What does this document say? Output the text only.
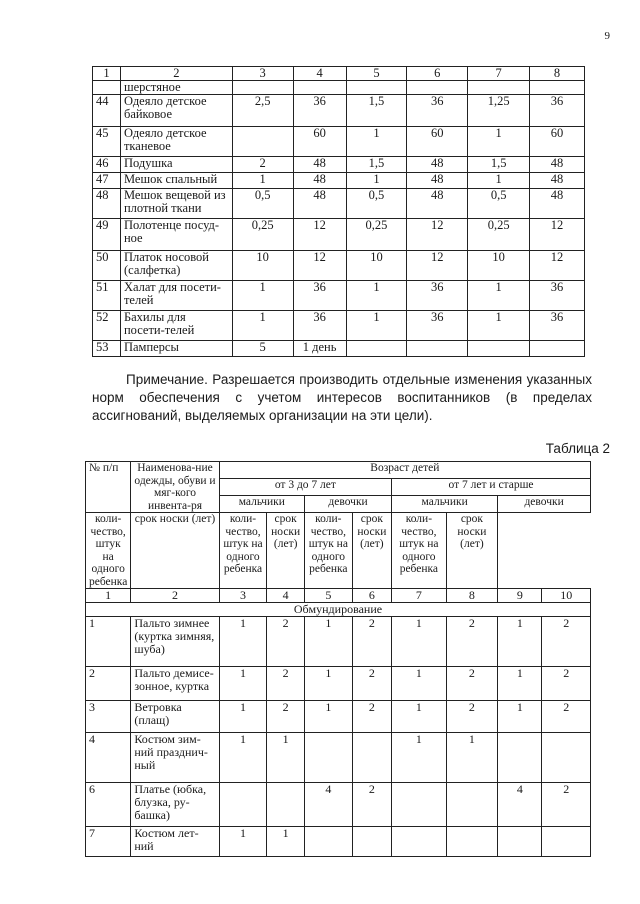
9
1	2	3	4	5	6	7	8
	шерстяное						
44	Одеяло детское байковое	2,5	36	1,5	36	1,25	36
45	Одеяло детское тканевое		60	1	60	1	60
46	Подушка	2	48	1,5	48	1,5	48
47	Мешок спальный	1	48	1	48	1	48
48	Мешок вещевой из плотной ткани	0,5	48	0,5	48	0,5	48
49	Полотенце посуд-ное	0,25	12	0,25	12	0,25	12
50	Платок носовой (салфетка)	10	12	10	12	10	12
51	Халат для посети-телей	1	36	1	36	1	36
52	Бахилы для посети-телей	1	36	1	36	1	36
53	Памперсы	5	1 день				
Примечание. Разрешается производить отдельные изменения указанных норм обеспечения с учетом интересов воспитанников (в пределах ассигнований, выделяемых организации на эти цели).
Таблица 2
№ п/п	Наименова-ние одежды, обуви и мяг-кого инвента-ря	Возраст детей							
		от 3 до 7 лет				от 7 лет и старше			
		мальчики		девочки		мальчики		девочки	
коли-чество, штук на одного ребенка	срок носки (лет)	коли-чество, штук на одного ребенка	срок носки (лет)	коли-чество, штук на одного ребенка	срок носки (лет)	коли-чество, штук на одного ребенка	срок носки (лет)		
1	2	3	4	5	6	7	8	9	10
Обмундирование									
1	Пальто зимнее (куртка зимняя, шуба)	1	2	1	2	1	2	1	2
2	Пальто демисе-зонное, куртка	1	2	1	2	1	2	1	2
3	Ветровка (плащ)	1	2	1	2	1	2	1	2
4	Костюм зим-ний празднич-ный	1	1			1	1		
6	Платье (юбка, блузка, ру-башка)			4	2			4	2
7	Костюм лет-ний	1	1						
